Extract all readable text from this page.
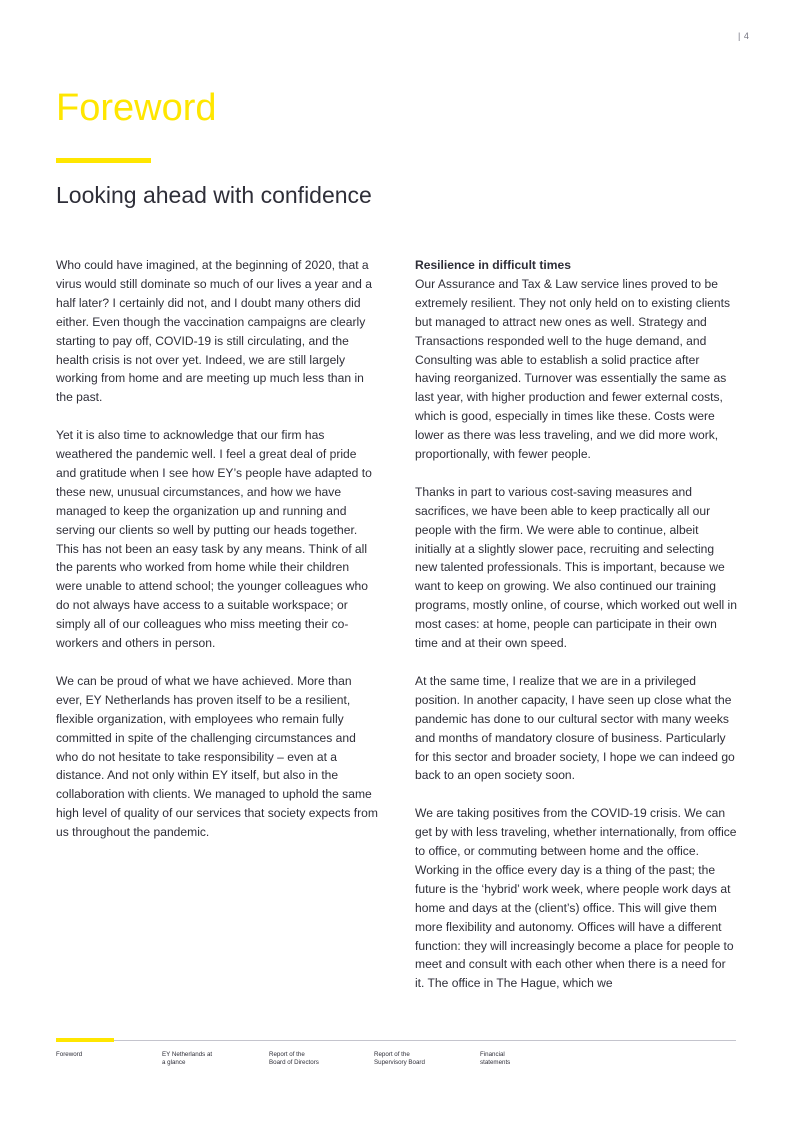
| 4
Foreword
Looking ahead with confidence

Who could have imagined, at the beginning of 2020, that a virus would still dominate so much of our lives a year and a half later? I certainly did not, and I doubt many others did either. Even though the vaccination campaigns are clearly starting to pay off, COVID-19 is still circulating, and the health crisis is not over yet. Indeed, we are still largely working from home and are meeting up much less than in the past.

Yet it is also time to acknowledge that our firm has weathered the pandemic well. I feel a great deal of pride and gratitude when I see how EY’s people have adapted to these new, unusual circumstances, and how we have managed to keep the organization up and running and serving our clients so well by putting our heads together. This has not been an easy task by any means. Think of all the parents who worked from home while their children were unable to attend school; the younger colleagues who do not always have access to a suitable workspace; or simply all of our colleagues who miss meeting their co-workers and others in person.

We can be proud of what we have achieved. More than ever, EY Netherlands has proven itself to be a resilient, flexible organization, with employees who remain fully committed in spite of the challenging circumstances and who do not hesitate to take responsibility – even at a distance. And not only within EY itself, but also in the collaboration with clients. We managed to uphold the same high level of quality of our services that society expects from us throughout the pandemic.

Resilience in difficult times

Our Assurance and Tax & Law service lines proved to be extremely resilient. They not only held on to existing clients but managed to attract new ones as well. Strategy and Transactions responded well to the huge demand, and Consulting was able to establish a solid practice after having reorganized. Turnover was essentially the same as last year, with higher production and fewer external costs, which is good, especially in times like these. Costs were lower as there was less traveling, and we did more work, proportionally, with fewer people.

Thanks in part to various cost-saving measures and sacrifices, we have been able to keep practically all our people with the firm. We were able to continue, albeit initially at a slightly slower pace, recruiting and selecting new talented professionals. This is important, because we want to keep on growing. We also continued our training programs, mostly online, of course, which worked out well in most cases: at home, people can participate in their own time and at their own speed.

At the same time, I realize that we are in a privileged position. In another capacity, I have seen up close what the pandemic has done to our cultural sector with many weeks and months of mandatory closure of business. Particularly for this sector and broader society, I hope we can indeed go back to an open society soon.

We are taking positives from the COVID-19 crisis. We can get by with less traveling, whether internationally, from office to office, or commuting between home and the office. Working in the office every day is a thing of the past; the future is the ‘hybrid’ work week, where people work days at home and days at the (client’s) office. This will give them more flexibility and autonomy. Offices will have a different function: they will increasingly become a place for people to meet and consult with each other when there is a need for it. The office in The Hague, which we

Foreword	EY Netherlands at
a glance
Report of the
Board of Directors
Report of the
Supervisory Board
Financial
statements
